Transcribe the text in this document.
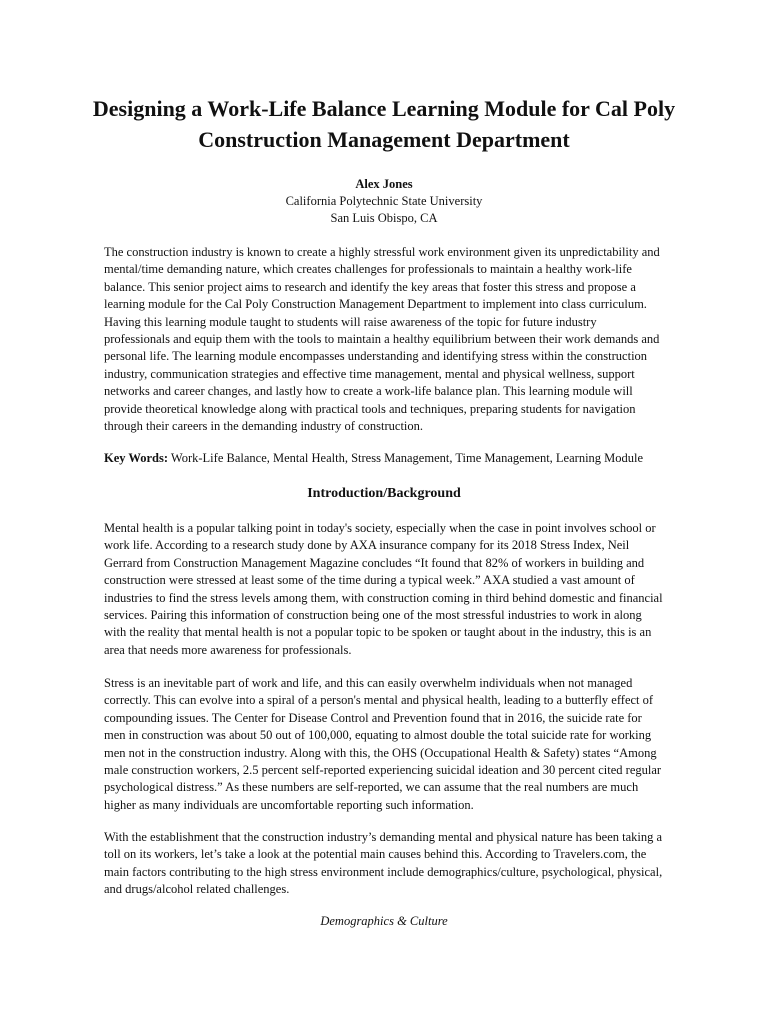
Designing a Work-Life Balance Learning Module for Cal Poly Construction Management Department
Alex Jones
California Polytechnic State University
San Luis Obispo, CA

The construction industry is known to create a highly stressful work environment given its unpredictability and mental/time demanding nature, which creates challenges for professionals to maintain a healthy work-life balance. This senior project aims to research and identify the key areas that foster this stress and propose a learning module for the Cal Poly Construction Management Department to implement into class curriculum. Having this learning module taught to students will raise awareness of the topic for future industry professionals and equip them with the tools to maintain a healthy equilibrium between their work demands and personal life. The learning module encompasses understanding and identifying stress within the construction industry, communication strategies and effective time management, mental and physical wellness, support networks and career changes, and lastly how to create a work-life balance plan. This learning module will provide theoretical knowledge along with practical tools and techniques, preparing students for navigation through their careers in the demanding industry of construction.

Key Words: Work-Life Balance, Mental Health, Stress Management, Time Management, Learning Module

Introduction/Background

Mental health is a popular talking point in today's society, especially when the case in point involves school or work life. According to a research study done by AXA insurance company for its 2018 Stress Index, Neil Gerrard from Construction Management Magazine concludes “It found that 82% of workers in building and construction were stressed at least some of the time during a typical week.” AXA studied a vast amount of industries to find the stress levels among them, with construction coming in third behind domestic and financial services. Pairing this information of construction being one of the most stressful industries to work in along with the reality that mental health is not a popular topic to be spoken or taught about in the industry, this is an area that needs more awareness for professionals.

Stress is an inevitable part of work and life, and this can easily overwhelm individuals when not managed correctly. This can evolve into a spiral of a person's mental and physical health, leading to a butterfly effect of compounding issues. The Center for Disease Control and Prevention found that in 2016, the suicide rate for men in construction was about 50 out of 100,000, equating to almost double the total suicide rate for working men not in the construction industry. Along with this, the OHS (Occupational Health & Safety) states “Among male construction workers, 2.5 percent self-reported experiencing suicidal ideation and 30 percent cited regular psychological distress.” As these numbers are self-reported, we can assume that the real numbers are much higher as many individuals are uncomfortable reporting such information.

With the establishment that the construction industry’s demanding mental and physical nature has been taking a toll on its workers, let’s take a look at the potential main causes behind this. According to Travelers.com, the main factors contributing to the high stress environment include demographics/culture, psychological, physical, and drugs/alcohol related challenges.

Demographics & Culture
